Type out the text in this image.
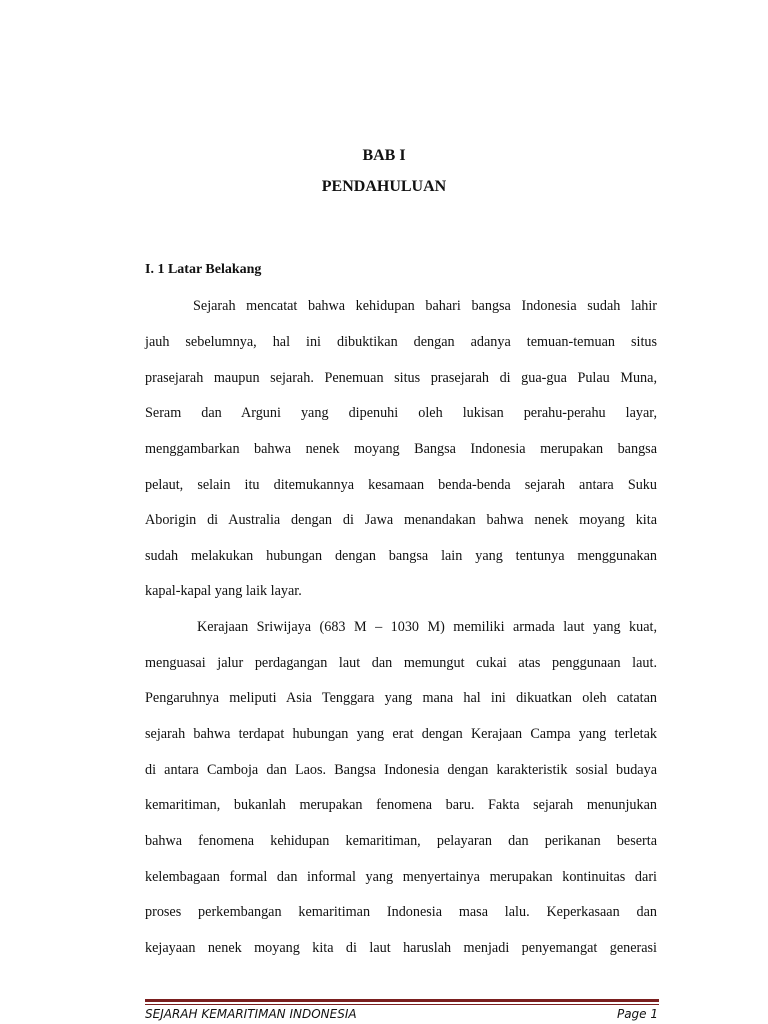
BAB I
PENDAHULUAN
I. 1 Latar Belakang

Sejarah mencatat bahwa kehidupan bahari bangsa Indonesia sudah lahir

jauh sebelumnya, hal ini dibuktikan dengan adanya temuan-temuan situs

prasejarah maupun sejarah. Penemuan situs prasejarah di gua-gua Pulau Muna,

Seram dan Arguni yang dipenuhi oleh lukisan perahu-perahu layar,

menggambarkan bahwa nenek moyang Bangsa Indonesia merupakan bangsa

pelaut, selain itu ditemukannya kesamaan benda-benda sejarah antara Suku

Aborigin di Australia dengan di Jawa menandakan bahwa nenek moyang kita

sudah melakukan hubungan dengan bangsa lain yang tentunya menggunakan

kapal-kapal yang laik layar.

Kerajaan Sriwijaya (683 M – 1030 M) memiliki armada laut yang kuat,

menguasai jalur perdagangan laut dan memungut cukai atas penggunaan laut.

Pengaruhnya meliputi Asia Tenggara yang mana hal ini dikuatkan oleh catatan

sejarah bahwa terdapat hubungan yang erat dengan Kerajaan Campa yang terletak

di antara Camboja dan Laos. Bangsa Indonesia dengan karakteristik sosial budaya

kemaritiman, bukanlah merupakan fenomena baru. Fakta sejarah menunjukan

bahwa fenomena kehidupan kemaritiman, pelayaran dan perikanan beserta

kelembagaan formal dan informal yang menyertainya merupakan kontinuitas dari

proses perkembangan kemaritiman Indonesia masa lalu. Keperkasaan dan

kejayaan nenek moyang kita di laut haruslah menjadi penyemangat generasi

SEJARAH KEMARITIMAN INDONESIA	Page 1
